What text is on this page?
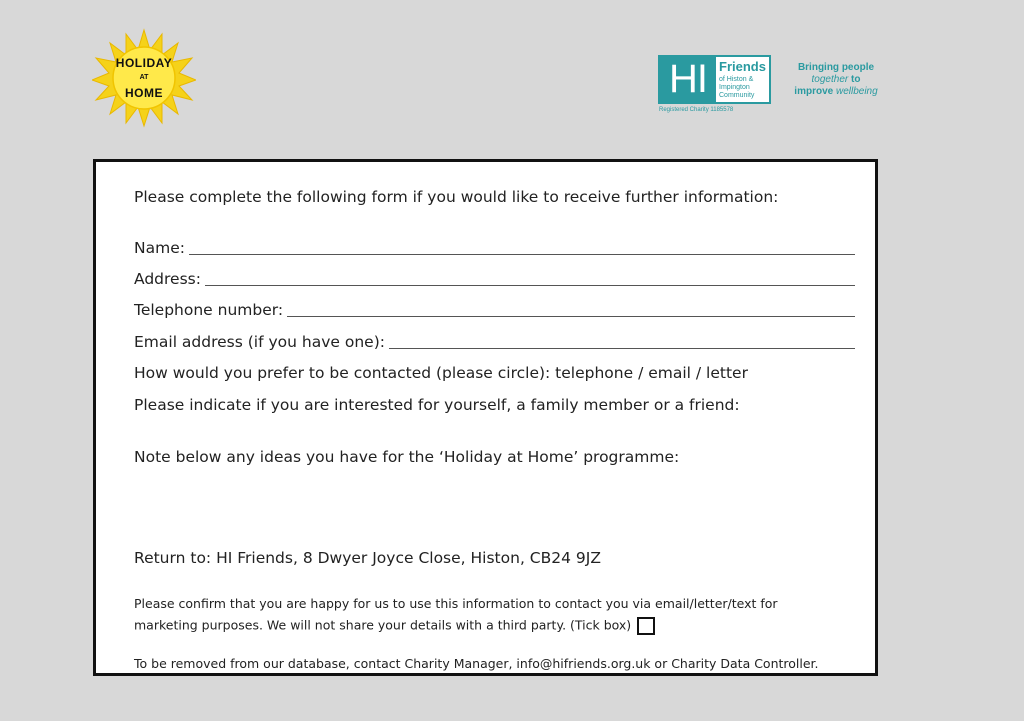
HOLIDAY
AT
HOME	HI Friends
of Histon &
Impington
Community
Registered Charity 1185578
Bringing people
together to
improve wellbeing
Please complete the following form if you would like to receive further information:
Name:
Address:
Telephone number:
Email address (if you have one):
How would you prefer to be contacted (please circle): telephone / email / letter
Please indicate if you are interested for yourself, a family member or a friend:
Note below any ideas you have for the ‘Holiday at Home’ programme:
Return to: HI Friends, 8 Dwyer Joyce Close, Histon, CB24 9JZ
Please confirm that you are happy for us to use this information to contact you via email/letter/text for
marketing purposes. We will not share your details with a third party. (Tick box)
To be removed from our database, contact Charity Manager, info@hifriends.org.uk or Charity Data Controller.
